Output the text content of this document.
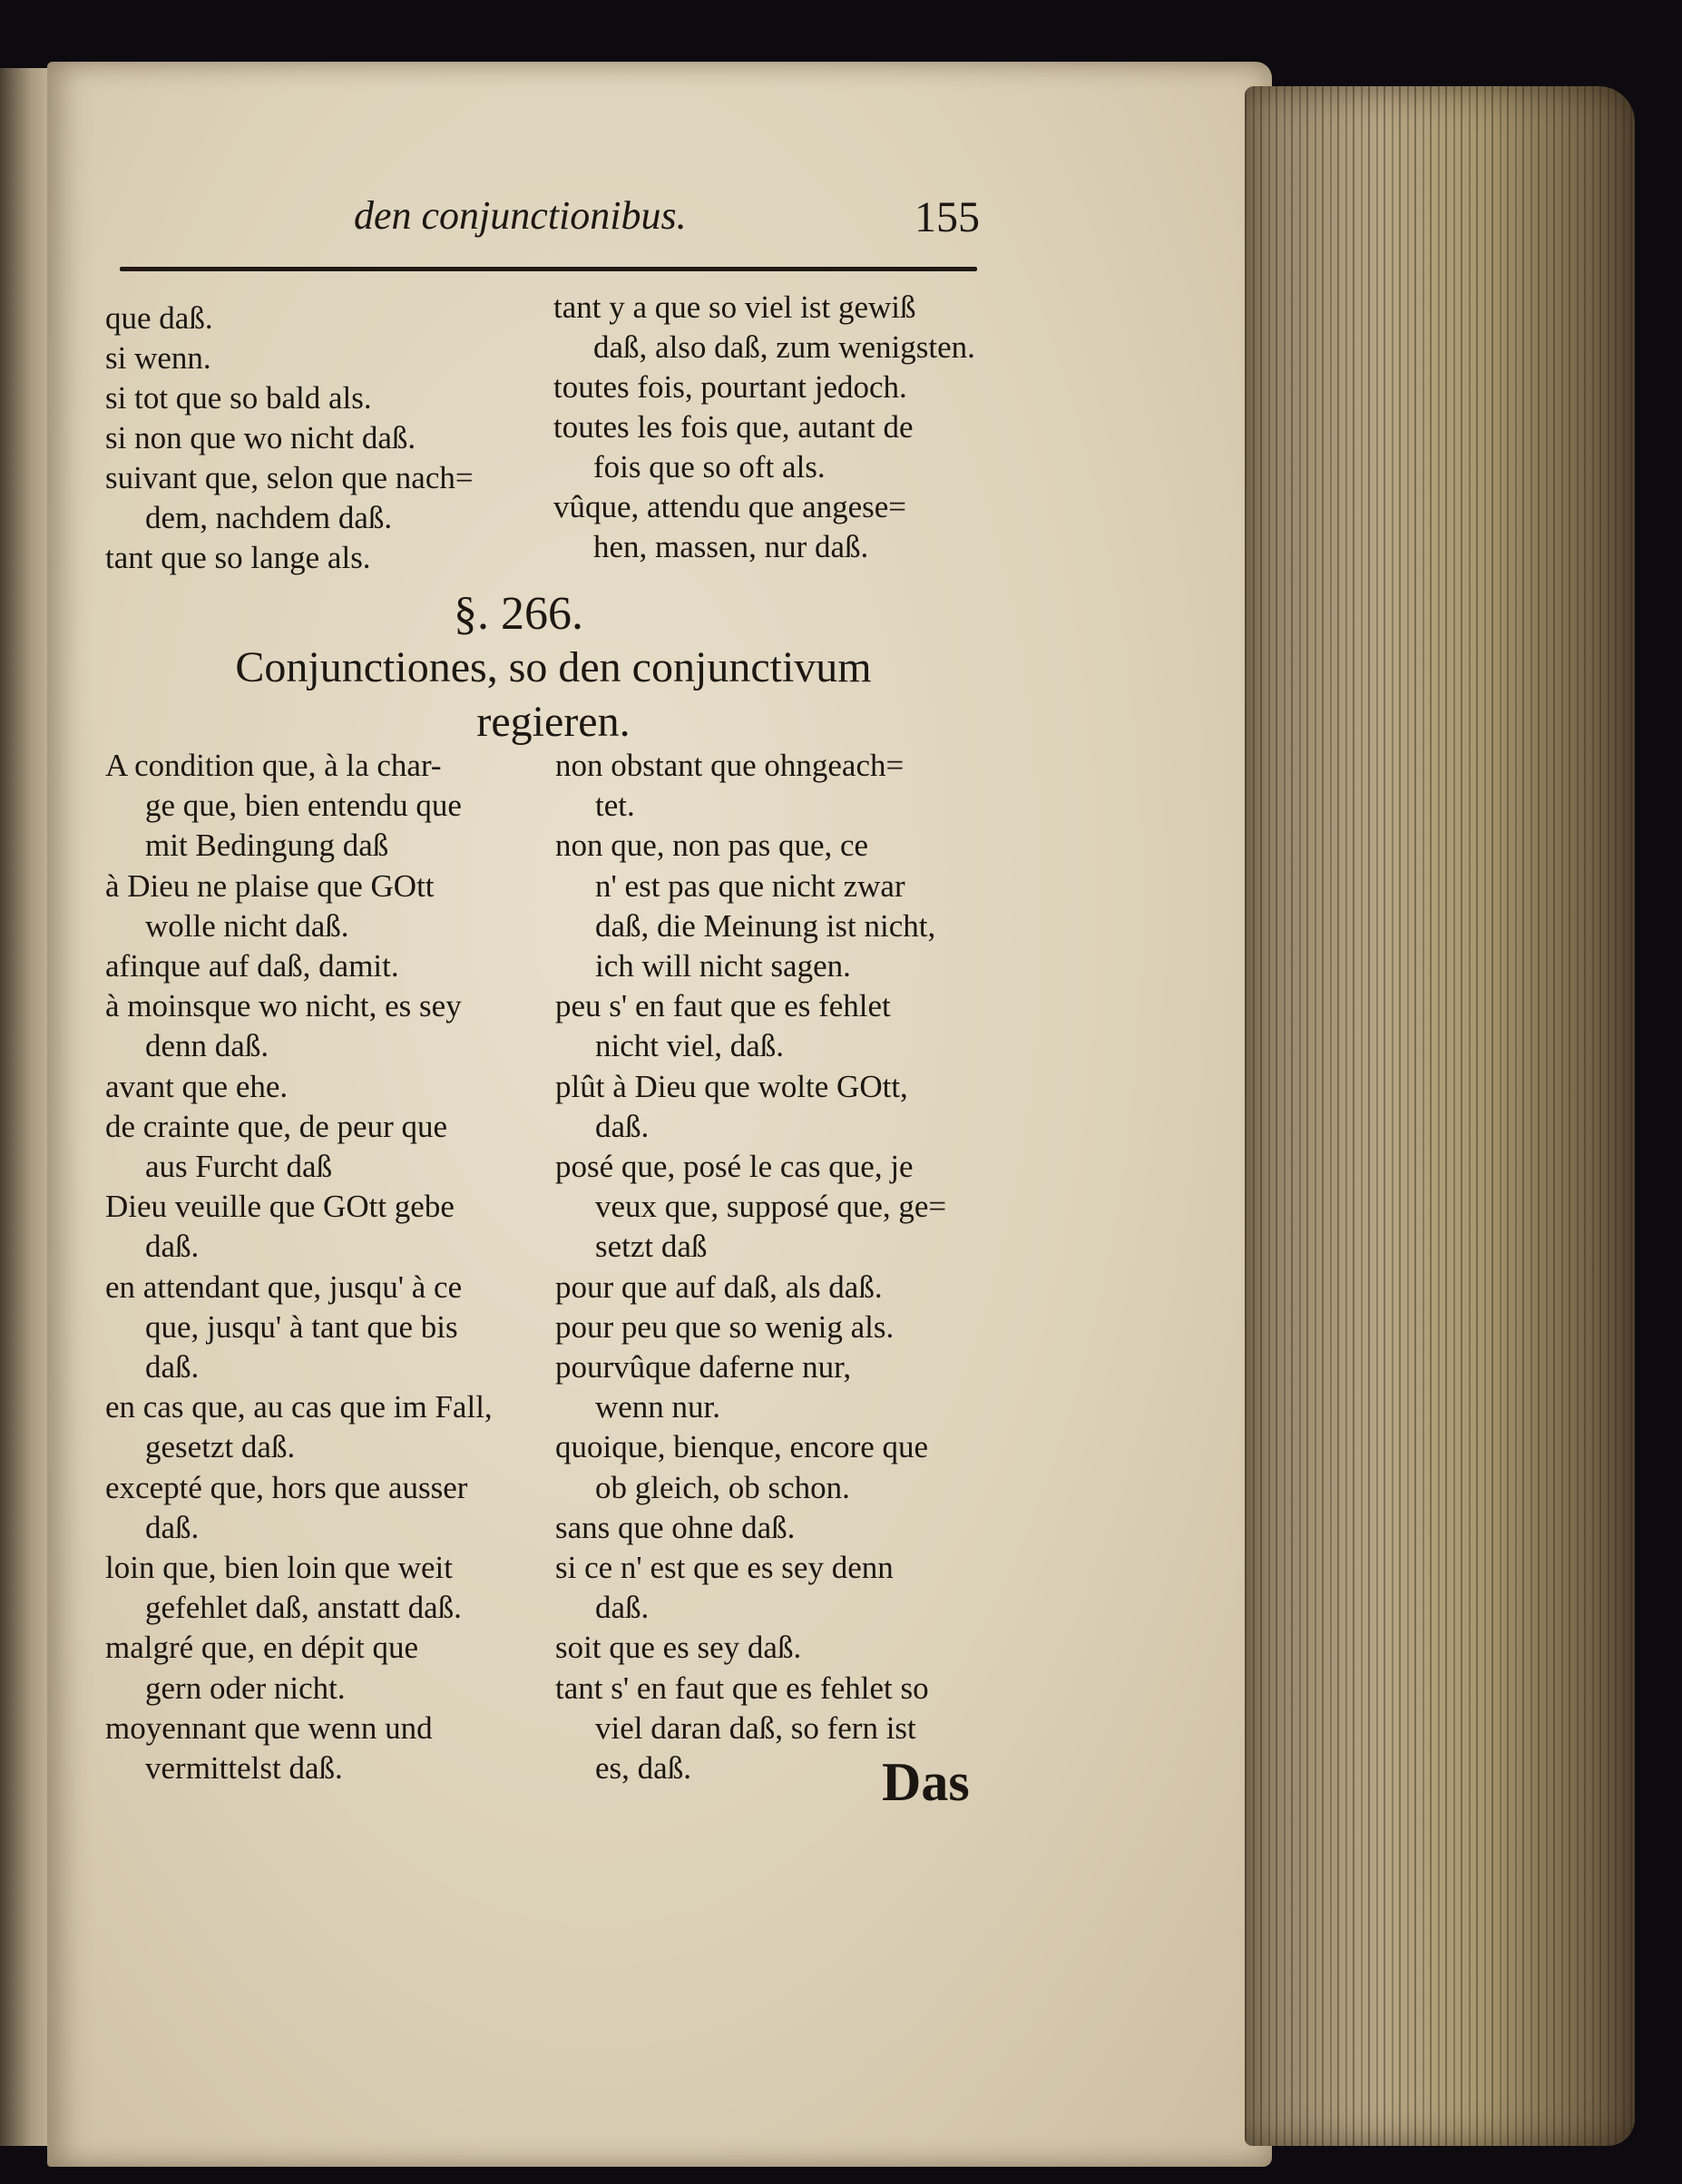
den conjunctionibus.	155
que daß.
si wenn.
si tot que so bald als.
si non que wo nicht daß.
suivant que, selon que nach=
dem, nachdem daß.
tant que so lange als.
tant y a que so viel ist gewiß
daß, also daß, zum wenigsten.
toutes fois, pourtant jedoch.
toutes les fois que, autant de
fois que so oft als.
vûque, attendu que angese=
hen, massen, nur daß.
§. 266.
Conjunctiones, so den conjunctivum
regieren.
A condition que, à la char-
ge que, bien entendu que
mit Bedingung daß
à Dieu ne plaise que GOtt
wolle nicht daß.
afinque auf daß, damit.
à moinsque wo nicht, es sey
denn daß.
avant que ehe.
de crainte que, de peur que
aus Furcht daß
Dieu veuille que GOtt gebe
daß.
en attendant que, jusqu' à ce
que, jusqu' à tant que bis
daß.
en cas que, au cas que im Fall,
gesetzt daß.
excepté que, hors que ausser
daß.
loin que, bien loin que weit
gefehlet daß, anstatt daß.
malgré que, en dépit que
gern oder nicht.
moyennant que wenn und
vermittelst daß.
non obstant que ohngeach=
tet.
non que, non pas que, ce
n' est pas que nicht zwar
daß, die Meinung ist nicht,
ich will nicht sagen.
peu s' en faut que es fehlet
nicht viel, daß.
plût à Dieu que wolte GOtt,
daß.
posé que, posé le cas que, je
veux que, supposé que, ge=
setzt daß
pour que auf daß, als daß.
pour peu que so wenig als.
pourvûque daferne nur,
wenn nur.
quoique, bienque, encore que
ob gleich, ob schon.
sans que ohne daß.
si ce n' est que es sey denn
daß.
soit que es sey daß.
tant s' en faut que es fehlet so
viel daran daß, so fern ist
es, daß.	Das
